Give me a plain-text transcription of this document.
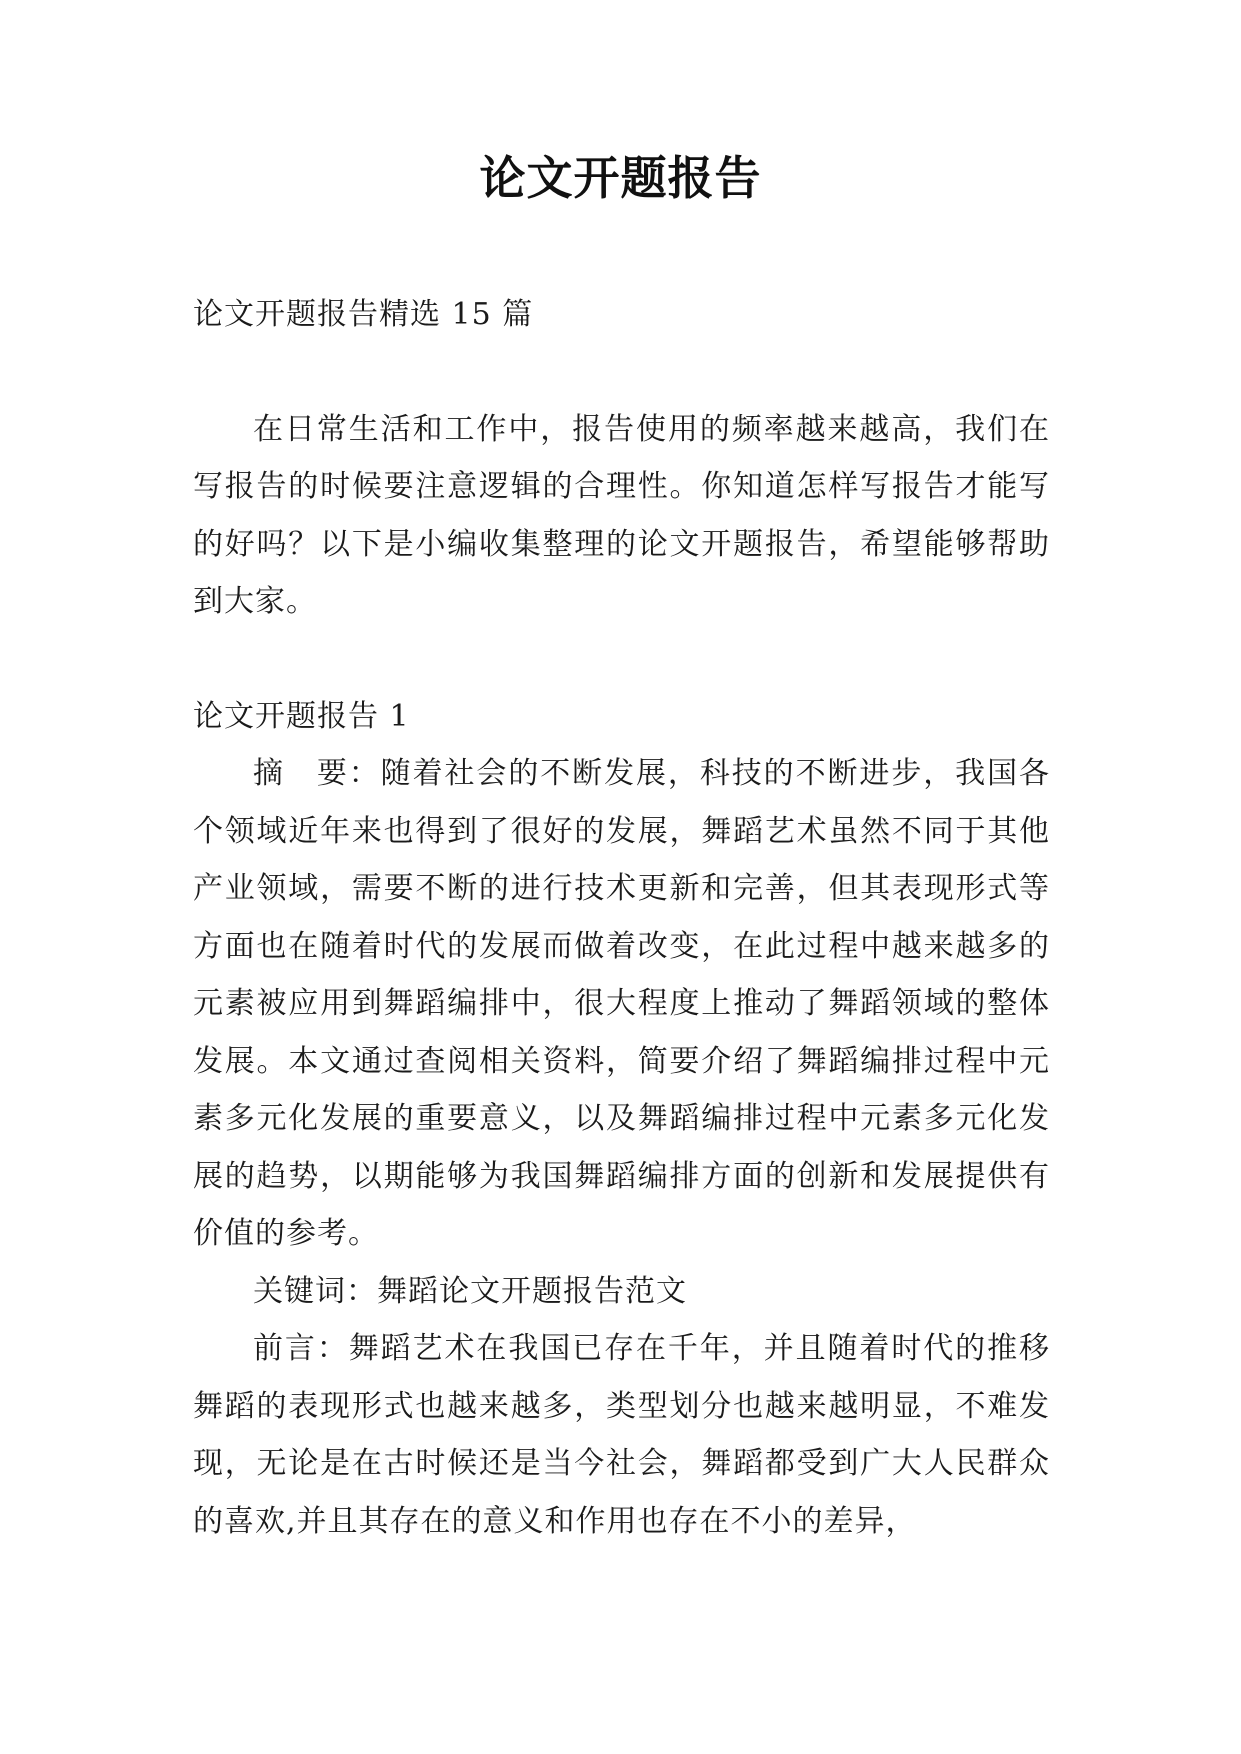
论文开题报告

论文开题报告精选 15 篇

在日常生活和工作中，报告使用的频率越来越高，我们在写报告的时候要注意逻辑的合理性。你知道怎样写报告才能写的好吗？以下是小编收集整理的论文开题报告，希望能够帮助到大家。

论文开题报告 1

摘　要：随着社会的不断发展，科技的不断进步，我国各个领域近年来也得到了很好的发展，舞蹈艺术虽然不同于其他产业领域，需要不断的进行技术更新和完善，但其表现形式等方面也在随着时代的发展而做着改变，在此过程中越来越多的元素被应用到舞蹈编排中，很大程度上推动了舞蹈领域的整体发展。本文通过查阅相关资料，简要介绍了舞蹈编排过程中元素多元化发展的重要意义，以及舞蹈编排过程中元素多元化发展的趋势，以期能够为我国舞蹈编排方面的创新和发展提供有价值的参考。

关键词：舞蹈论文开题报告范文

前言：舞蹈艺术在我国已存在千年，并且随着时代的推移舞蹈的表现形式也越来越多，类型划分也越来越明显，不难发现，无论是在古时候还是当今社会，舞蹈都受到广大人民群众的喜欢,并且其存在的意义和作用也存在不小的差异，
